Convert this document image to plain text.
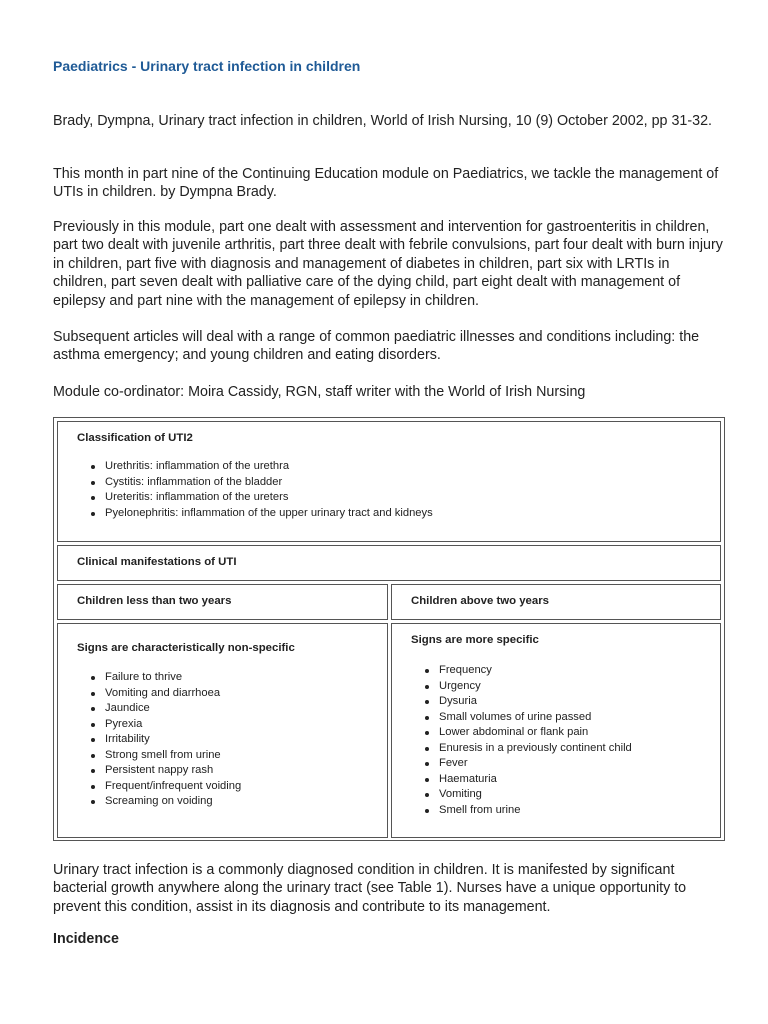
Paediatrics - Urinary tract infection in children

Brady, Dympna, Urinary tract infection in children, World of Irish Nursing, 10 (9) October 2002, pp 31-32.

This month in part nine of the Continuing Education module on Paediatrics, we tackle the management of UTIs in children. by Dympna Brady.

Previously in this module, part one dealt with assessment and intervention for gastroenteritis in children, part two dealt with juvenile arthritis, part three dealt with febrile convulsions, part four dealt with burn injury in children, part five with diagnosis and management of diabetes in children, part six with LRTIs in children, part seven dealt with palliative care of the dying child, part eight dealt with management of epilepsy and part nine with the management of epilepsy in children.

Subsequent articles will deal with a range of common paediatric illnesses and conditions including: the asthma emergency; and young children and eating disorders.

Module co-ordinator: Moira Cassidy, RGN, staff writer with the World of Irish Nursing

Classification of UTI2

Urethritis: inflammation of the urethra
Cystitis: inflammation of the bladder
Ureteritis: inflammation of the ureters
Pyelonephritis: inflammation of the upper urinary tract and kidneys

Clinical manifestations of UTI

Children less than two years	Children above two years

Signs are characteristically non-specific

Failure to thrive
Vomiting and diarrhoea
Jaundice
Pyrexia
Irritability
Strong smell from urine
Persistent nappy rash
Frequent/infrequent voiding
Screaming on voiding

Signs are more specific

Frequency
Urgency
Dysuria
Small volumes of urine passed
Lower abdominal or flank pain
Enuresis in a previously continent child
Fever
Haematuria
Vomiting
Smell from urine

Urinary tract infection is a commonly diagnosed condition in children. It is manifested by significant bacterial growth anywhere along the urinary tract (see Table 1). Nurses have a unique opportunity to prevent this condition, assist in its diagnosis and contribute to its management.

Incidence
